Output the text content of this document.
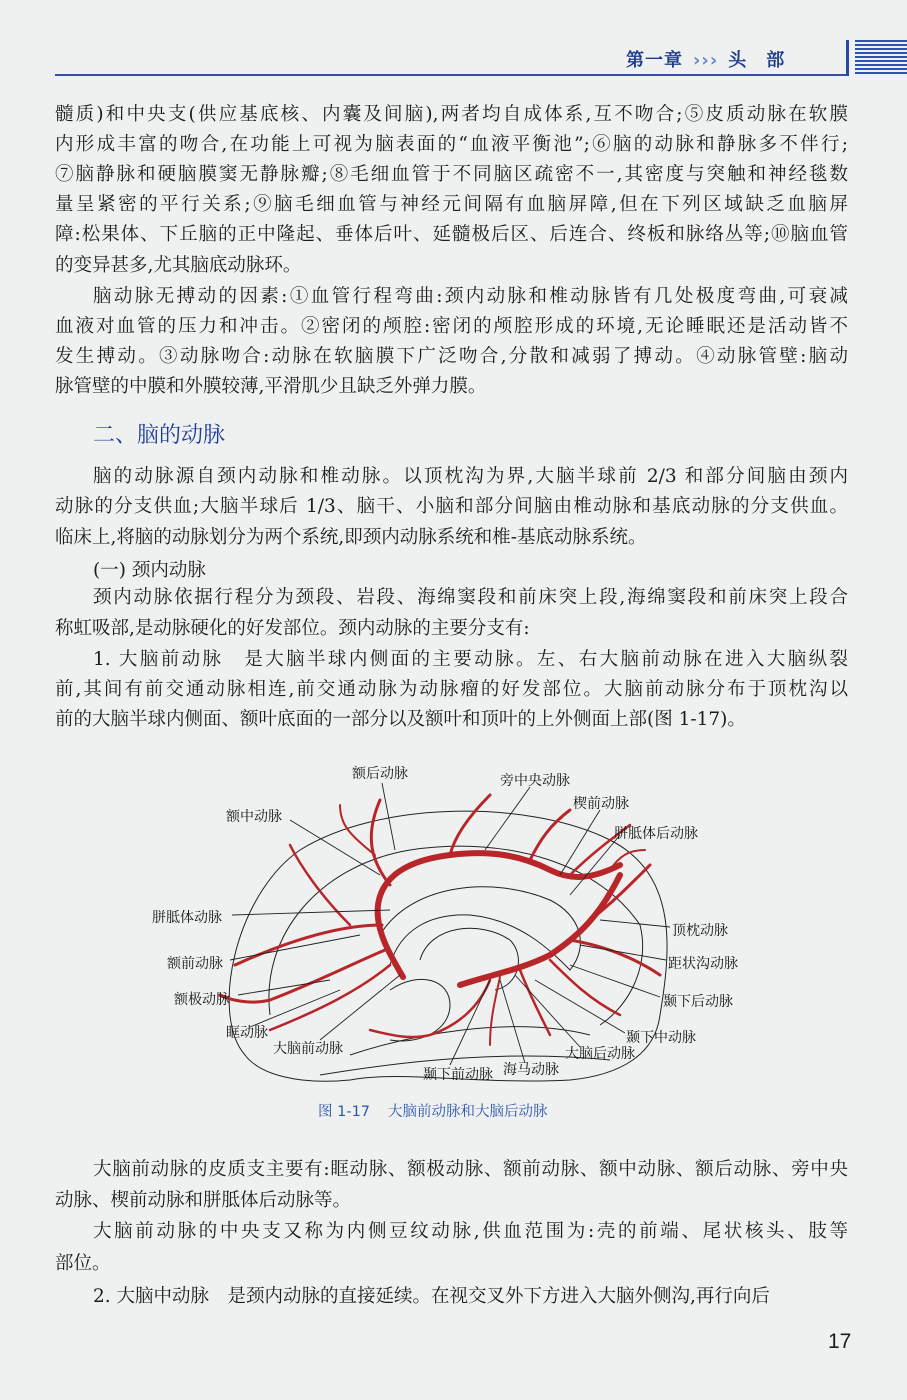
第一章 ››› 头　部
髓质)和中央支(供应基底核、内囊及间脑),两者均自成体系,互不吻合;⑤皮质动脉在软膜
内形成丰富的吻合,在功能上可视为脑表面的“血液平衡池”;⑥脑的动脉和静脉多不伴行;
⑦脑静脉和硬脑膜窦无静脉瓣;⑧毛细血管于不同脑区疏密不一,其密度与突触和神经毯数
量呈紧密的平行关系;⑨脑毛细血管与神经元间隔有血脑屏障,但在下列区域缺乏血脑屏
障:松果体、下丘脑的正中隆起、垂体后叶、延髓极后区、后连合、终板和脉络丛等;⑩脑血管
的变异甚多,尤其脑底动脉环。
脑动脉无搏动的因素:①血管行程弯曲:颈内动脉和椎动脉皆有几处极度弯曲,可衰减
血液对血管的压力和冲击。②密闭的颅腔:密闭的颅腔形成的环境,无论睡眠还是活动皆不
发生搏动。③动脉吻合:动脉在软脑膜下广泛吻合,分散和减弱了搏动。④动脉管壁:脑动
脉管壁的中膜和外膜较薄,平滑肌少且缺乏外弹力膜。
二、脑的动脉
脑的动脉源自颈内动脉和椎动脉。以顶枕沟为界,大脑半球前 2/3 和部分间脑由颈内
动脉的分支供血;大脑半球后 1/3、脑干、小脑和部分间脑由椎动脉和基底动脉的分支供血。
临床上,将脑的动脉划分为两个系统,即颈内动脉系统和椎-基底动脉系统。
(一) 颈内动脉
颈内动脉依据行程分为颈段、岩段、海绵窦段和前床突上段,海绵窦段和前床突上段合
称虹吸部,是动脉硬化的好发部位。颈内动脉的主要分支有:
1. 大脑前动脉　是大脑半球内侧面的主要动脉。左、右大脑前动脉在进入大脑纵裂
前,其间有前交通动脉相连,前交通动脉为动脉瘤的好发部位。大脑前动脉分布于顶枕沟以
前的大脑半球内侧面、额叶底面的一部分以及额叶和顶叶的上外侧面上部(图 1-17)。
额后动脉	旁中央动脉
楔前动脉
额中动脉
胼胝体后动脉
胼胝体动脉
顶枕动脉
额前动脉	距状沟动脉
颞下后动脉
额极动脉
眶动脉	颞下中动脉
大脑前动脉	大脑后动脉
颞下前动脉 海马动脉
图 1-17 大脑前动脉和大脑后动脉
大脑前动脉的皮质支主要有:眶动脉、额极动脉、额前动脉、额中动脉、额后动脉、旁中央
动脉、楔前动脉和胼胝体后动脉等。
大脑前动脉的中央支又称为内侧豆纹动脉,供血范围为:壳的前端、尾状核头、肢等
部位。
2. 大脑中动脉　是颈内动脉的直接延续。在视交叉外下方进入大脑外侧沟,再行向后
17
